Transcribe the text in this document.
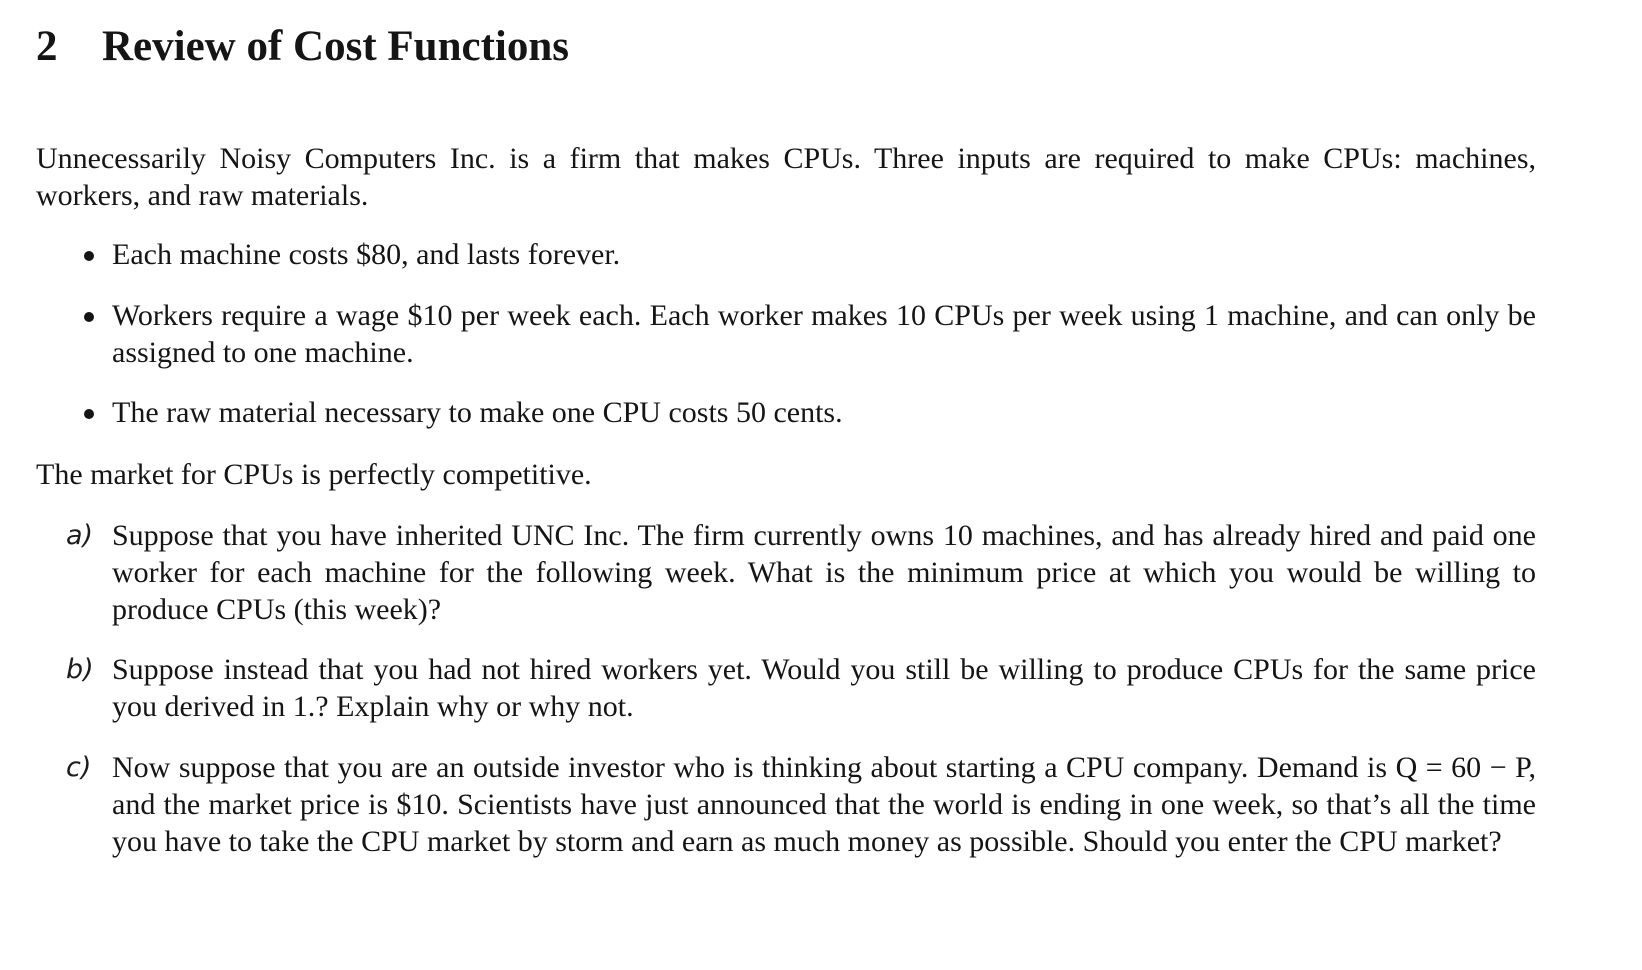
2 Review of Cost Functions

Unnecessarily Noisy Computers Inc. is a firm that makes CPUs. Three inputs are required to make CPUs: machines, workers, and raw materials.

Each machine costs $80, and lasts forever.
Workers require a wage $10 per week each. Each worker makes 10 CPUs per week using 1 machine, and can only be assigned to one machine.
The raw material necessary to make one CPU costs 50 cents.

The market for CPUs is perfectly competitive.

a) Suppose that you have inherited UNC Inc. The firm currently owns 10 machines, and has already hired and paid one worker for each machine for the following week. What is the minimum price at which you would be willing to produce CPUs (this week)?
b) Suppose instead that you had not hired workers yet. Would you still be willing to produce CPUs for the same price you derived in 1.? Explain why or why not.
c) Now suppose that you are an outside investor who is thinking about starting a CPU company. Demand is Q = 60 − P, and the market price is $10. Scientists have just announced that the world is ending in one week, so that’s all the time you have to take the CPU market by storm and earn as much money as possible. Should you enter the CPU market?
